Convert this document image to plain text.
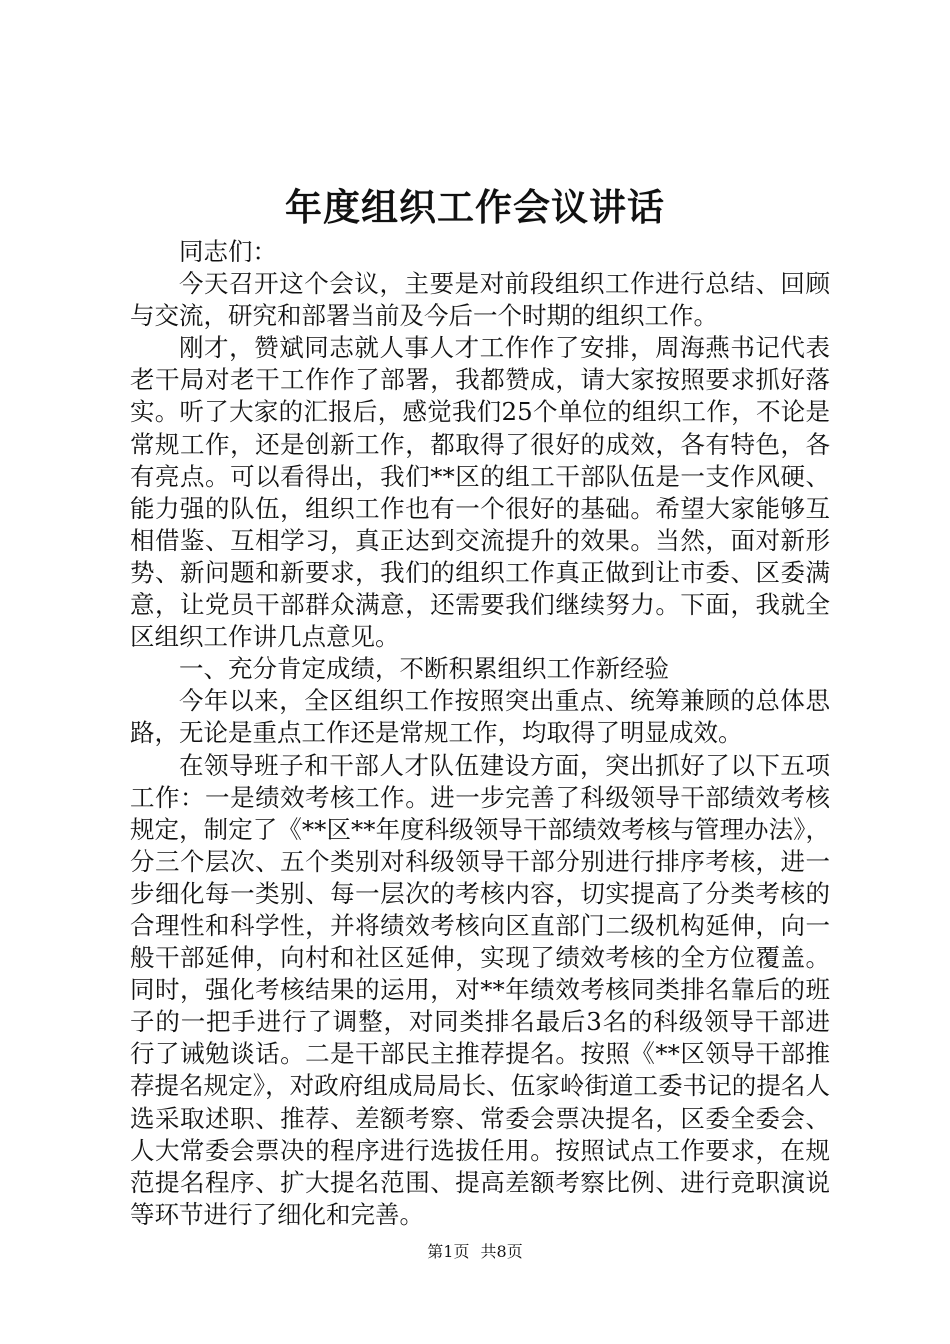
年度组织工作会议讲话

同志们：

今天召开这个会议，主要是对前段组织工作进行总结、回顾与交流，研究和部署当前及今后一个时期的组织工作。

刚才，赞斌同志就人事人才工作作了安排，周海燕书记代表老干局对老干工作作了部署，我都赞成，请大家按照要求抓好落实。听了大家的汇报后，感觉我们25个单位的组织工作，不论是常规工作，还是创新工作，都取得了很好的成效，各有特色，各有亮点。可以看得出，我们**区的组工干部队伍是一支作风硬、能力强的队伍，组织工作也有一个很好的基础。希望大家能够互相借鉴、互相学习，真正达到交流提升的效果。当然，面对新形势、新问题和新要求，我们的组织工作真正做到让市委、区委满意，让党员干部群众满意，还需要我们继续努力。下面，我就全区组织工作讲几点意见。

一、充分肯定成绩，不断积累组织工作新经验

今年以来，全区组织工作按照突出重点、统筹兼顾的总体思路，无论是重点工作还是常规工作，均取得了明显成效。

在领导班子和干部人才队伍建设方面，突出抓好了以下五项工作：一是绩效考核工作。进一步完善了科级领导干部绩效考核规定，制定了《**区**年度科级领导干部绩效考核与管理办法》，分三个层次、五个类别对科级领导干部分别进行排序考核，进一步细化每一类别、每一层次的考核内容，切实提高了分类考核的合理性和科学性，并将绩效考核向区直部门二级机构延伸，向一般干部延伸，向村和社区延伸，实现了绩效考核的全方位覆盖。同时，强化考核结果的运用，对**年绩效考核同类排名靠后的班子的一把手进行了调整，对同类排名最后3名的科级领导干部进行了诫勉谈话。二是干部民主推荐提名。按照《**区领导干部推荐提名规定》，对政府组成局局长、伍家岭街道工委书记的提名人选采取述职、推荐、差额考察、常委会票决提名，区委全委会、人大常委会票决的程序进行选拔任用。按照试点工作要求，在规范提名程序、扩大提名范围、提高差额考察比例、进行竞职演说等环节进行了细化和完善。

第1页 共8页
